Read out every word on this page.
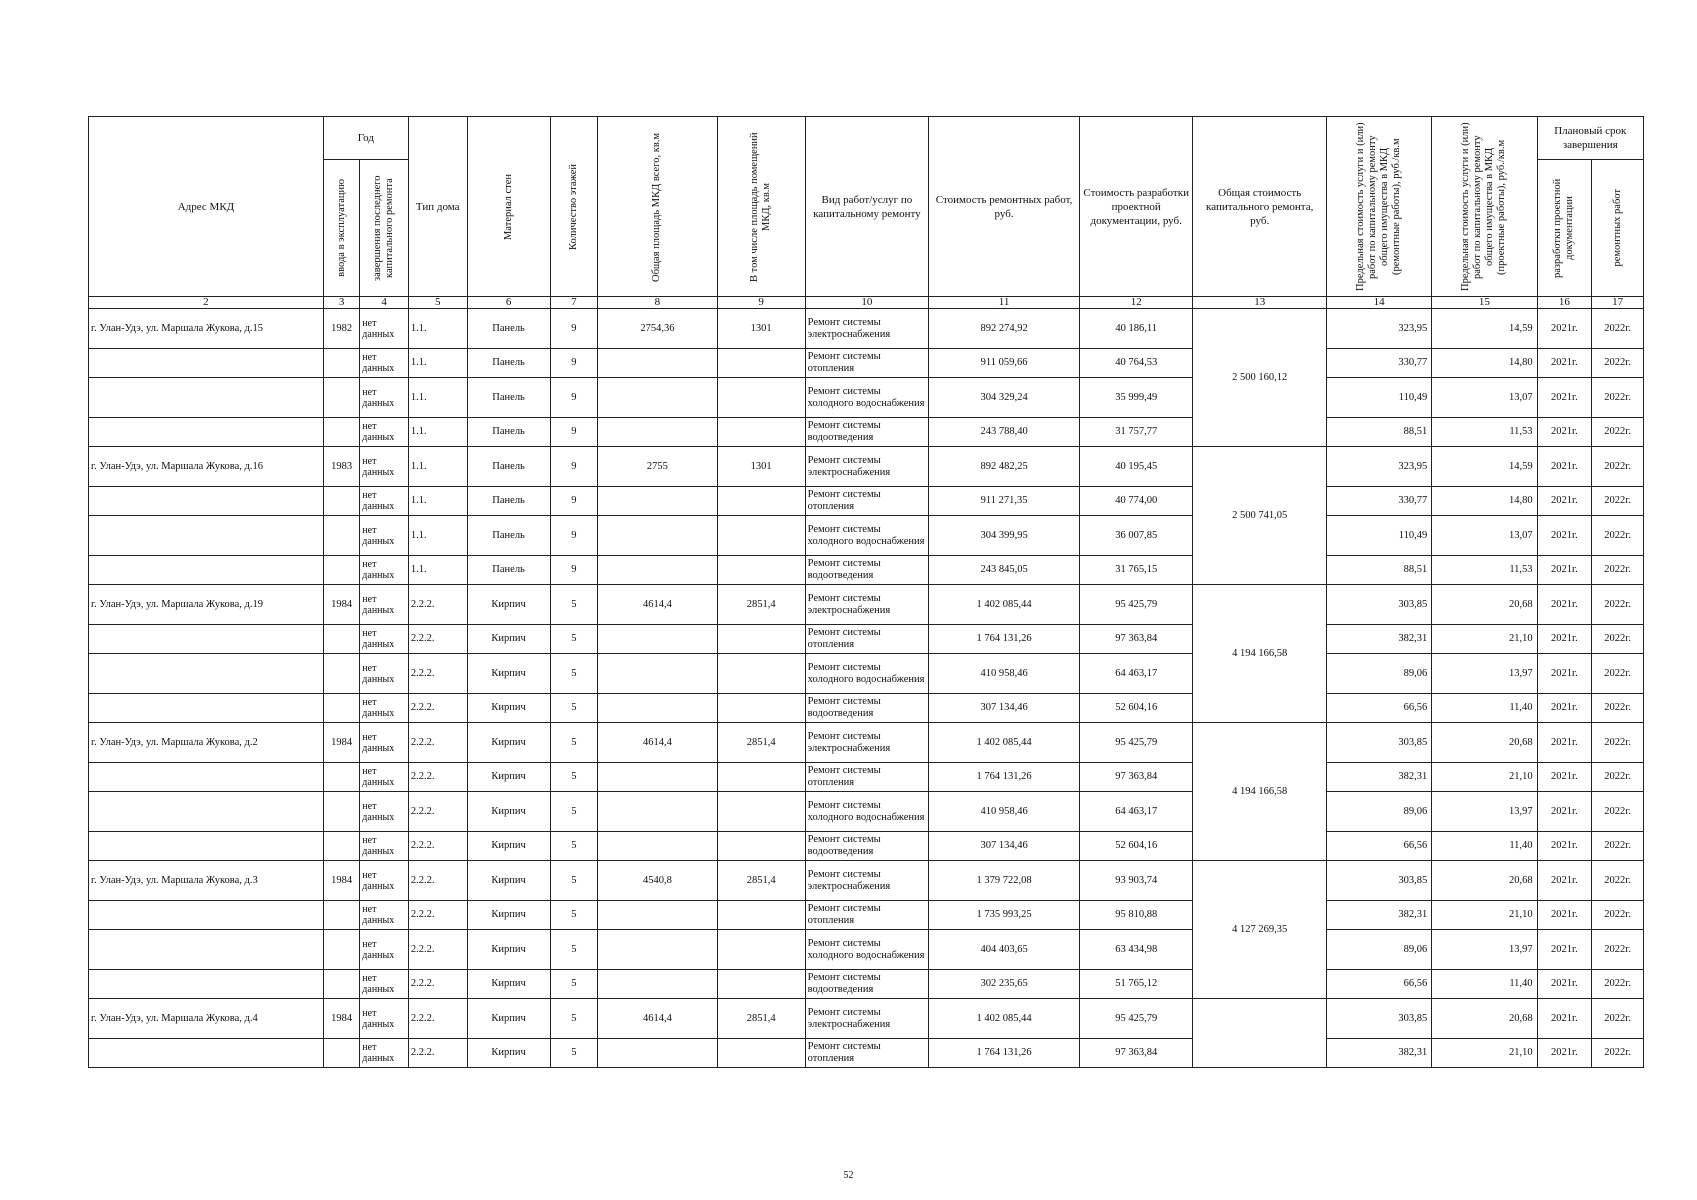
Адрес МКД	Год		Тип дома	Материал стен	Количество этажей	Общая площадь МКД всего, кв.м	В том числе площадь помещений МКД, кв.м	Вид работ/услуг по капитальному ремонту	Стоимость ремонтных работ, руб.	Стоимость разработки проектной документации, руб.	Общая стоимость капитального ремонта, руб.	Предельная стоимость услуги и (или) работ по капитальному ремонту общего имущества в МКД (ремонтные работы), руб./кв.м	Предельная стоимость услуги и (или) работ по капитальному ремонту общего имущества в МКД (проектные работы), руб./кв.м	Плановый срок завершения	

	ввода в эксплуатацию	завершения последнего капитального ремонта												разработки проектной документации	ремонтных работ

2	3	4	5	6	7	8	9	10	11	12	13	14	15	16	17
г. Улан-Удэ, ул. Маршала Жукова, д.15	1982	нет данных	1.1.	Панель	9	2754,36	1301	Ремонт системы электроснабжения	892 274,92	40 186,11	2 500 160,12	323,95	14,59	2021г.	2022г.
		нет данных	1.1.	Панель	9			Ремонт системы отопления	911 059,66	40 764,53		330,77	14,80	2021г.	2022г.
		нет данных	1.1.	Панель	9			Ремонт системы холодного водоснабжения	304 329,24	35 999,49		110,49	13,07	2021г.	2022г.
		нет данных	1.1.	Панель	9			Ремонт системы водоотведения	243 788,40	31 757,77		88,51	11,53	2021г.	2022г.
г. Улан-Удэ, ул. Маршала Жукова, д.16	1983	нет данных	1.1.	Панель	9	2755	1301	Ремонт системы электроснабжения	892 482,25	40 195,45	2 500 741,05	323,95	14,59	2021г.	2022г.
		нет данных	1.1.	Панель	9			Ремонт системы отопления	911 271,35	40 774,00		330,77	14,80	2021г.	2022г.
		нет данных	1.1.	Панель	9			Ремонт системы холодного водоснабжения	304 399,95	36 007,85		110,49	13,07	2021г.	2022г.
		нет данных	1.1.	Панель	9			Ремонт системы водоотведения	243 845,05	31 765,15		88,51	11,53	2021г.	2022г.
г. Улан-Удэ, ул. Маршала Жукова, д.19	1984	нет данных	2.2.2.	Кирпич	5	4614,4	2851,4	Ремонт системы электроснабжения	1 402 085,44	95 425,79	4 194 166,58	303,85	20,68	2021г.	2022г.
		нет данных	2.2.2.	Кирпич	5			Ремонт системы отопления	1 764 131,26	97 363,84		382,31	21,10	2021г.	2022г.
		нет данных	2.2.2.	Кирпич	5			Ремонт системы холодного водоснабжения	410 958,46	64 463,17		89,06	13,97	2021г.	2022г.
		нет данных	2.2.2.	Кирпич	5			Ремонт системы водоотведения	307 134,46	52 604,16		66,56	11,40	2021г.	2022г.
г. Улан-Удэ, ул. Маршала Жукова, д.2	1984	нет данных	2.2.2.	Кирпич	5	4614,4	2851,4	Ремонт системы электроснабжения	1 402 085,44	95 425,79	4 194 166,58	303,85	20,68	2021г.	2022г.
		нет данных	2.2.2.	Кирпич	5			Ремонт системы отопления	1 764 131,26	97 363,84		382,31	21,10	2021г.	2022г.
		нет данных	2.2.2.	Кирпич	5			Ремонт системы холодного водоснабжения	410 958,46	64 463,17		89,06	13,97	2021г.	2022г.
		нет данных	2.2.2.	Кирпич	5			Ремонт системы водоотведения	307 134,46	52 604,16		66,56	11,40	2021г.	2022г.
г. Улан-Удэ, ул. Маршала Жукова, д.3	1984	нет данных	2.2.2.	Кирпич	5	4540,8	2851,4	Ремонт системы электроснабжения	1 379 722,08	93 903,74	4 127 269,35	303,85	20,68	2021г.	2022г.
		нет данных	2.2.2.	Кирпич	5			Ремонт системы отопления	1 735 993,25	95 810,88		382,31	21,10	2021г.	2022г.
		нет данных	2.2.2.	Кирпич	5			Ремонт системы холодного водоснабжения	404 403,65	63 434,98		89,06	13,97	2021г.	2022г.
		нет данных	2.2.2.	Кирпич	5			Ремонт системы водоотведения	302 235,65	51 765,12		66,56	11,40	2021г.	2022г.
г. Улан-Удэ, ул. Маршала Жукова, д.4	1984	нет данных	2.2.2.	Кирпич	5	4614,4	2851,4	Ремонт системы электроснабжения	1 402 085,44	95 425,79		303,85	20,68	2021г.	2022г.
		нет данных	2.2.2.	Кирпич	5			Ремонт системы отопления	1 764 131,26	97 363,84		382,31	21,10	2021г.	2022г.
52
